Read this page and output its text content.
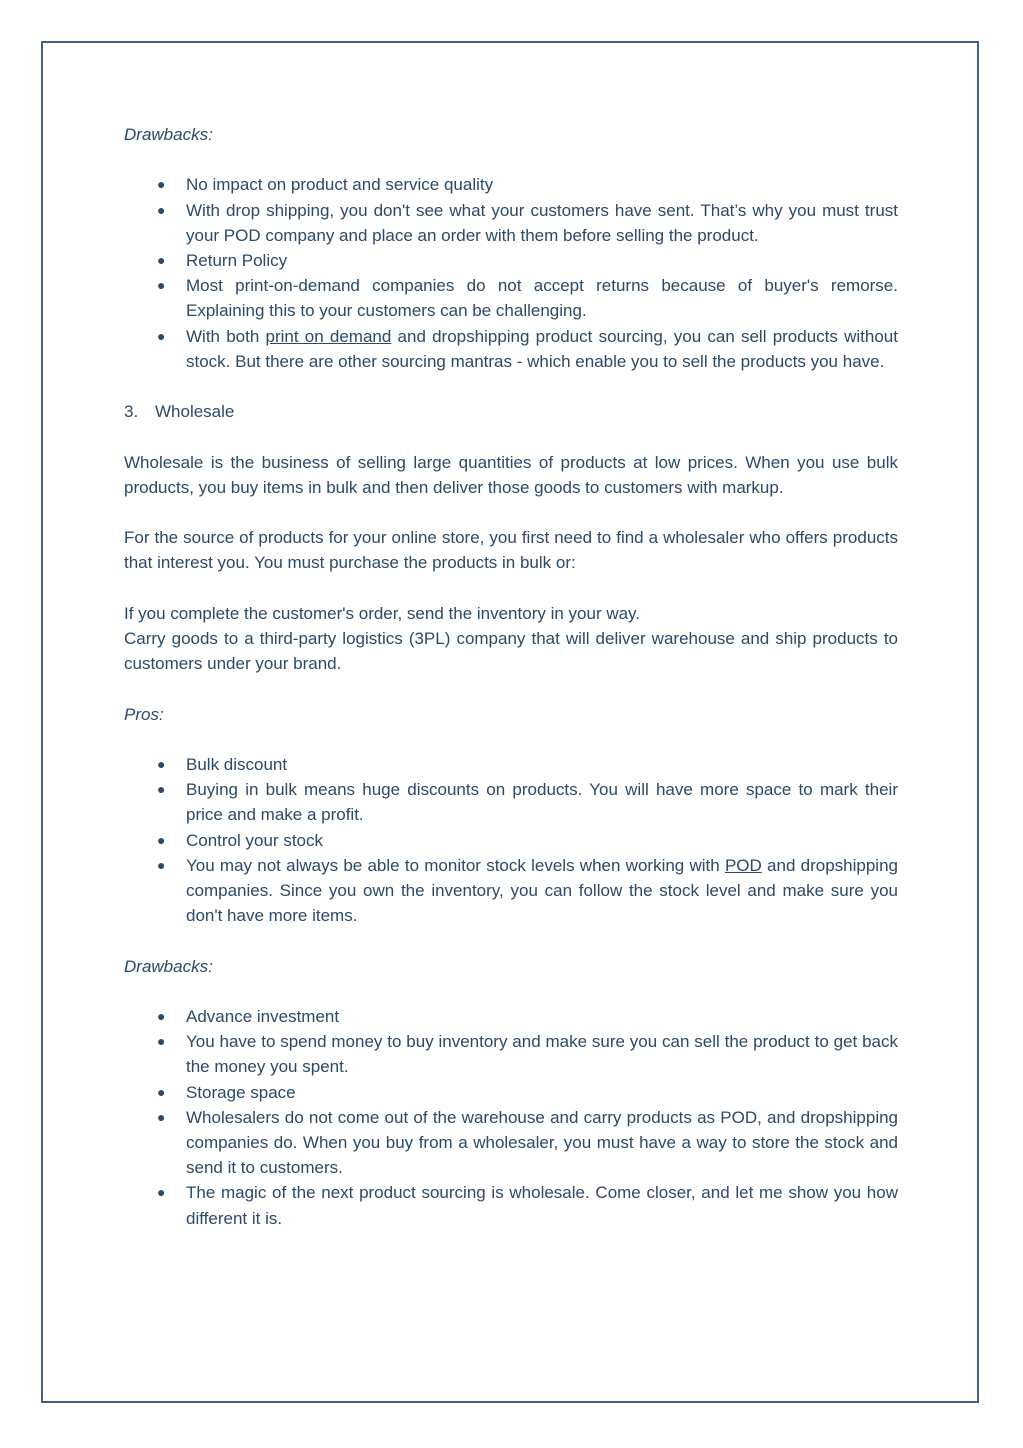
Drawbacks:

● No impact on product and service quality
● With drop shipping, you don't see what your customers have sent. That’s why you must trust your POD company and place an order with them before selling the product.
● Return Policy
● Most print-on-demand companies do not accept returns because of buyer's remorse. Explaining this to your customers can be challenging.
● With both print on demand and dropshipping product sourcing, you can sell products without stock. But there are other sourcing mantras - which enable you to sell the products you have.

3. Wholesale

Wholesale is the business of selling large quantities of products at low prices. When you use bulk products, you buy items in bulk and then deliver those goods to customers with markup.

For the source of products for your online store, you first need to find a wholesaler who offers products that interest you. You must purchase the products in bulk or:

If you complete the customer's order, send the inventory in your way.

Carry goods to a third-party logistics (3PL) company that will deliver warehouse and ship products to customers under your brand.

Pros:

● Bulk discount
● Buying in bulk means huge discounts on products. You will have more space to mark their price and make a profit.
● Control your stock
● You may not always be able to monitor stock levels when working with POD and dropshipping companies. Since you own the inventory, you can follow the stock level and make sure you don't have more items.

Drawbacks:

● Advance investment
● You have to spend money to buy inventory and make sure you can sell the product to get back the money you spent.
● Storage space
● Wholesalers do not come out of the warehouse and carry products as POD, and dropshipping companies do. When you buy from a wholesaler, you must have a way to store the stock and send it to customers.
● The magic of the next product sourcing is wholesale. Come closer, and let me show you how different it is.
